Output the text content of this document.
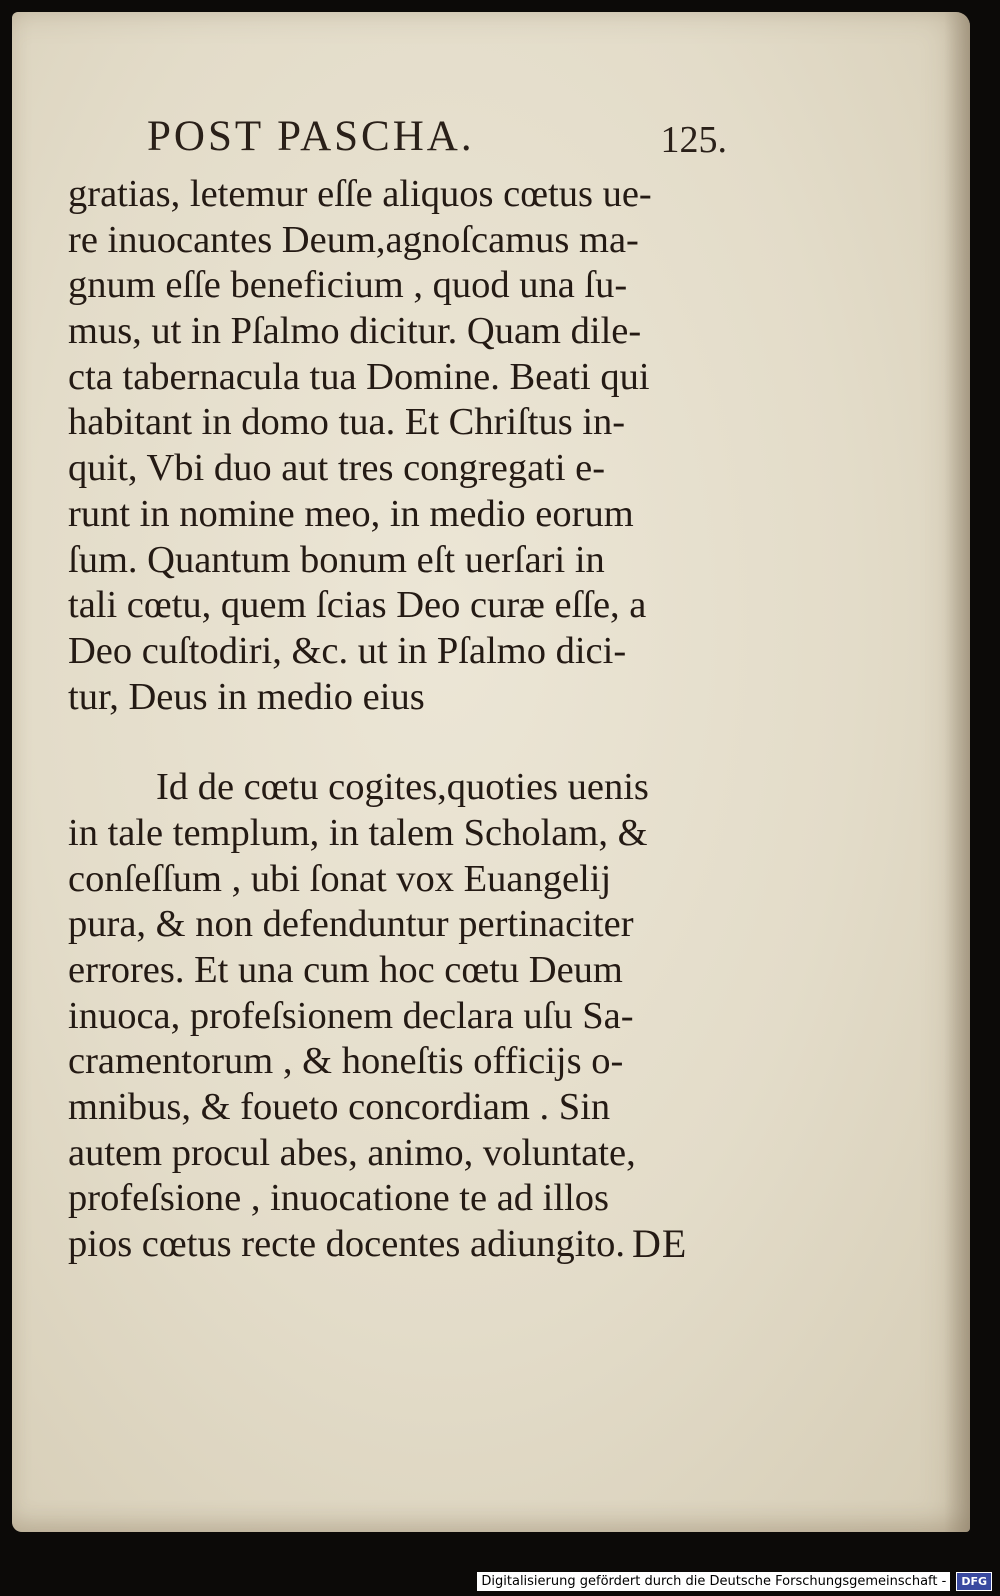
POST PASCHA.	125.
gratias, letemur eſſe aliquos cœtus ue-
re inuocantes Deum,agnoſcamus ma-
gnum eſſe beneficium , quod una ſu-
mus, ut in Pſalmo dicitur. Quam dile-
cta tabernacula tua Domine. Beati qui
habitant in domo tua. Et Chriſtus in-
quit, Vbi duo aut tres congregati e-
runt in nomine meo, in medio eorum
ſum. Quantum bonum eſt uerſari in
tali cœtu, quem ſcias Deo curæ eſſe, a
Deo cuſtodiri, &c. ut in Pſalmo dici-
tur, Deus in medio eius
Id de cœtu cogites,quoties uenis
in tale templum, in talem Scholam, &
conſeſſum , ubi ſonat vox Euangelij
pura, & non defenduntur pertinaciter
errores. Et una cum hoc cœtu Deum
inuoca, profeſsionem declara uſu Sa-
cramentorum , & honeſtis officijs o-
mnibus, & foueto concordiam . Sin
autem procul abes, animo, voluntate,
profeſsione , inuocatione te ad illos
pios cœtus recte docentes adiungito. DE
Digitalisierung gefördert durch die Deutsche Forschungsgemeinschaft -	DFG
